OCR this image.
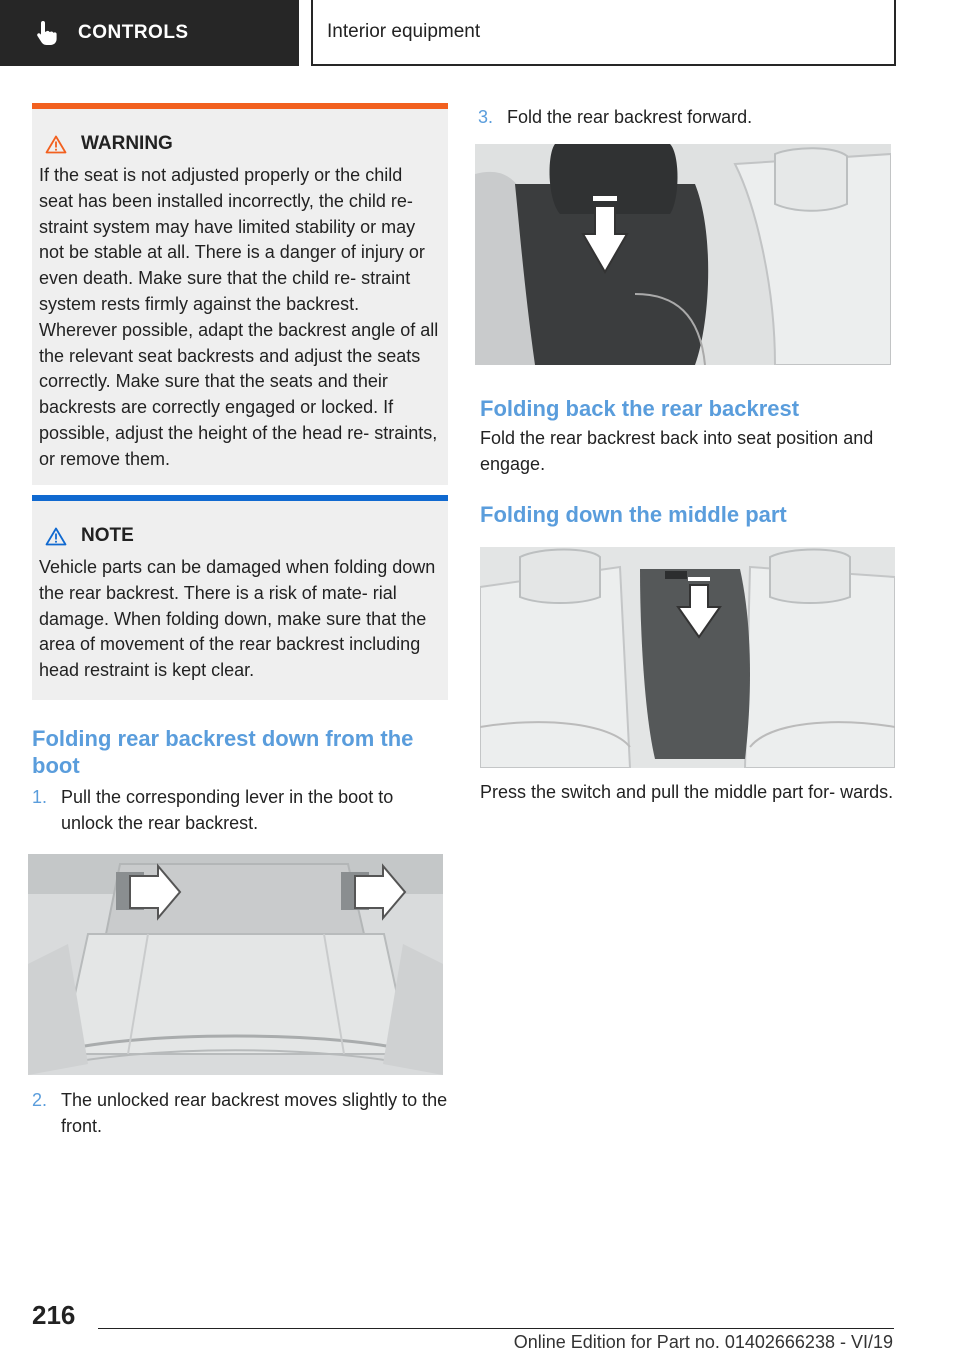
CONTROLS	Interior equipment
WARNING

If the seat is not adjusted properly or the child seat has been installed incorrectly, the child re‐ straint system may have limited stability or may not be stable at all. There is a danger of injury or even death. Make sure that the child re‐ straint system rests firmly against the backrest. Wherever possible, adapt the backrest angle of all the relevant seat backrests and adjust the seats correctly. Make sure that the seats and their backrests are correctly engaged or locked. If possible, adjust the height of the head re‐ straints, or remove them.

NOTE

Vehicle parts can be damaged when folding down the rear backrest. There is a risk of mate‐ rial damage. When folding down, make sure that the area of movement of the rear backrest including head restraint is kept clear.

Folding rear backrest down from the boot
1. Pull the corresponding lever in the boot to unlock the rear backrest.
2. The unlocked rear backrest moves slightly to the front.
3. Fold the rear backrest forward.
Folding back the rear backrest

Fold the rear backrest back into seat position and engage.

Folding down the middle part

Press the switch and pull the middle part for‐ wards.

216
Online Edition for Part no. 01402666238 - VI/19
